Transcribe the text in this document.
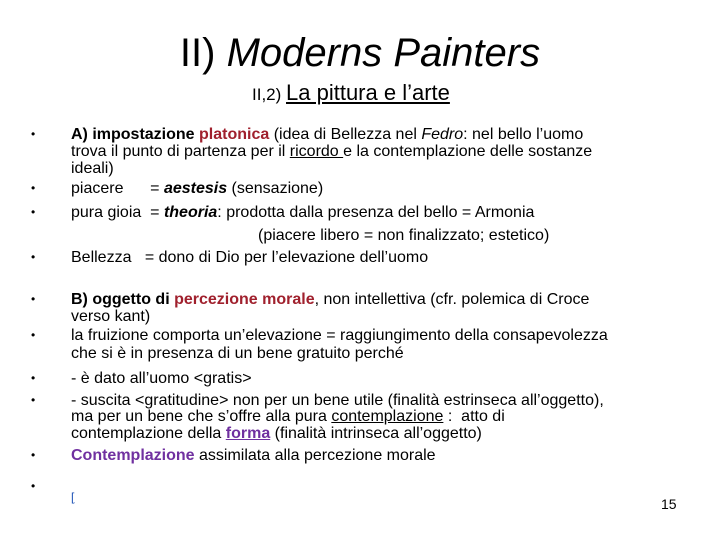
II) Moderns Painters
II,2) La pittura e l’arte
•
•
•
•
•
•
•
•
•
•
A) impostazione platonica (idea di Bellezza nel Fedro: nel bello l’uomo
trova il punto di partenza per il ricordo e la contemplazione delle sostanze
ideali)
piacere      = aestesis (sensazione)
pura gioia  = theoria: prodotta dalla presenza del bello = Armonia
(piacere libero = non finalizzato; estetico)
Bellezza   = dono di Dio per l’elevazione dell’uomo
B) oggetto di percezione morale, non intellettiva (cfr. polemica di Croce
verso kant)
la fruizione comporta un’elevazione = raggiungimento della consapevolezza
che si è in presenza di un bene gratuito perché
- è dato all’uomo <gratis>
- suscita <gratitudine> non per un bene utile (finalità estrinseca all’oggetto),
ma per un bene che s’offre alla pura contemplazione :  atto di
contemplazione della forma (finalità intrinseca all’oggetto)
Contemplazione assimilata alla percezione morale
[	15
